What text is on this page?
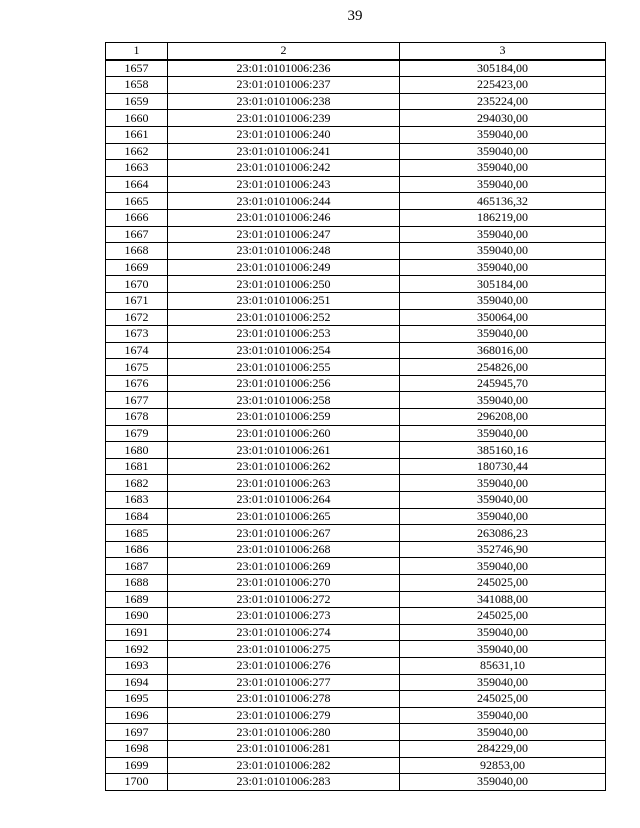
39
1	2	3
1657	23:01:0101006:236	305184,00
1658	23:01:0101006:237	225423,00
1659	23:01:0101006:238	235224,00
1660	23:01:0101006:239	294030,00
1661	23:01:0101006:240	359040,00
1662	23:01:0101006:241	359040,00
1663	23:01:0101006:242	359040,00
1664	23:01:0101006:243	359040,00
1665	23:01:0101006:244	465136,32
1666	23:01:0101006:246	186219,00
1667	23:01:0101006:247	359040,00
1668	23:01:0101006:248	359040,00
1669	23:01:0101006:249	359040,00
1670	23:01:0101006:250	305184,00
1671	23:01:0101006:251	359040,00
1672	23:01:0101006:252	350064,00
1673	23:01:0101006:253	359040,00
1674	23:01:0101006:254	368016,00
1675	23:01:0101006:255	254826,00
1676	23:01:0101006:256	245945,70
1677	23:01:0101006:258	359040,00
1678	23:01:0101006:259	296208,00
1679	23:01:0101006:260	359040,00
1680	23:01:0101006:261	385160,16
1681	23:01:0101006:262	180730,44
1682	23:01:0101006:263	359040,00
1683	23:01:0101006:264	359040,00
1684	23:01:0101006:265	359040,00
1685	23:01:0101006:267	263086,23
1686	23:01:0101006:268	352746,90
1687	23:01:0101006:269	359040,00
1688	23:01:0101006:270	245025,00
1689	23:01:0101006:272	341088,00
1690	23:01:0101006:273	245025,00
1691	23:01:0101006:274	359040,00
1692	23:01:0101006:275	359040,00
1693	23:01:0101006:276	85631,10
1694	23:01:0101006:277	359040,00
1695	23:01:0101006:278	245025,00
1696	23:01:0101006:279	359040,00
1697	23:01:0101006:280	359040,00
1698	23:01:0101006:281	284229,00
1699	23:01:0101006:282	92853,00
1700	23:01:0101006:283	359040,00
